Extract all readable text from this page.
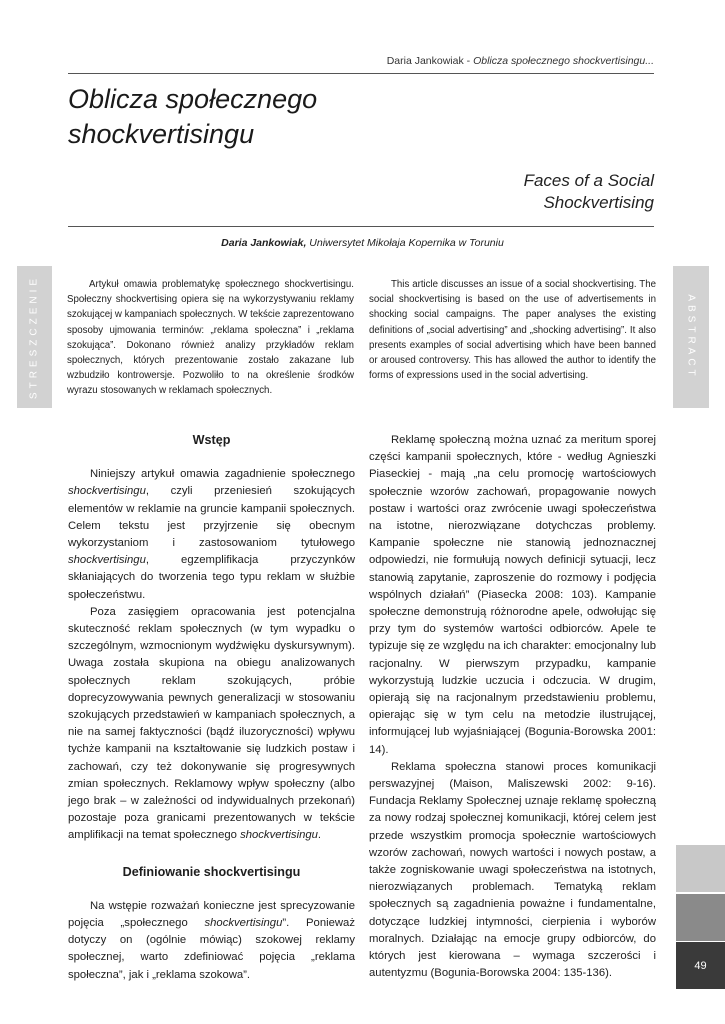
Daria Jankowiak - Oblicza społecznego shockvertisingu...
Oblicza społecznego
shockvertisingu
Faces of a Social
Shockvertising
Daria Jankowiak, Uniwersytet Mikołaja Kopernika w Toruniu
STRESZCZENIE	ABSTRACT

Artykuł omawia problematykę społecznego shockvertisingu. Społeczny shockvertising opiera się na wykorzystywaniu reklamy szokującej w kampaniach społecznych. W tekście zaprezentowano sposoby ujmowania terminów: „reklama społeczna” i „reklama szokująca”. Dokonano również analizy przykładów reklam społecznych, których prezentowanie zostało zakazane lub wzbudziło kontrowersje. Pozwoliło to na określenie środków wyrazu stosowanych w reklamach społecznych.

This article discusses an issue of a social shockvertising. The social shockvertising is based on the use of advertisements in shocking social campaigns. The paper analyses the existing definitions of „social advertising” and „shocking advertising”. It also presents examples of social advertising which have been banned or aroused controversy. This has allowed the author to identify the forms of expressions used in the social advertising.

Wstęp

Niniejszy artykuł omawia zagadnienie społecznego shockvertisingu, czyli przeniesień szokujących elementów w reklamie na gruncie kampanii społecznych. Celem tekstu jest przyjrzenie się obecnym wykorzystaniom i zastosowaniom tytułowego shockvertisingu, egzemplifikacja przyczynków skłaniających do tworzenia tego typu reklam w służbie społeczeństwu.

Poza zasięgiem opracowania jest potencjalna skuteczność reklam społecznych (w tym wypadku o szczególnym, wzmocnionym wydźwięku dyskursywnym). Uwaga została skupiona na obiegu analizowanych społecznych reklam szokujących, próbie doprecyzowywania pewnych generalizacji w stosowaniu szokujących przedstawień w kampaniach społecznych, a nie na samej faktyczności (bądź iluzoryczności) wpływu tychże kampanii na kształtowanie się ludzkich postaw i zachowań, czy też dokonywanie się progresywnych zmian społecznych. Reklamowy wpływ społeczny (albo jego brak – w zależności od indywidualnych przekonań) pozostaje poza granicami prezentowanych w tekście amplifikacji na temat społecznego shockvertisingu.

Definiowanie shockvertisingu

Na wstępie rozważań konieczne jest sprecyzowanie pojęcia „społecznego shockvertisingu”. Ponieważ dotyczy on (ogólnie mówiąc) szokowej reklamy społecznej, warto zdefiniować pojęcia „reklama społeczna”, jak i „reklama szokowa”.

Reklamę społeczną można uznać za meritum sporej części kampanii społecznych, które - według Agnieszki Piaseckiej - mają „na celu promocję wartościowych społecznie wzorów zachowań, propagowanie nowych postaw i wartości oraz zwrócenie uwagi społeczeństwa na istotne, nierozwiązane dotychczas problemy. Kampanie społeczne nie stanowią jednoznacznej odpowiedzi, nie formułują nowych definicji sytuacji, lecz stanowią zapytanie, zaproszenie do rozmowy i podjęcia wspólnych działań” (Piasecka 2008: 103). Kampanie społeczne demonstrują różnorodne apele, odwołując się przy tym do systemów wartości odbiorców. Apele te typizuje się ze względu na ich charakter: emocjonalny lub racjonalny. W pierwszym przypadku, kampanie wykorzystują ludzkie uczucia i odczucia. W drugim, opierają się na racjonalnym przedstawieniu problemu, opierając się w tym celu na metodzie ilustrującej, informującej lub wyjaśniającej (Bogunia-Borowska 2001: 14).

Reklama społeczna stanowi proces komunikacji perswazyjnej (Maison, Maliszewski 2002: 9-16). Fundacja Reklamy Społecznej uznaje reklamę społeczną za nowy rodzaj społecznej komunikacji, której celem jest przede wszystkim promocja społecznie wartościowych wzorów zachowań, nowych wartości i nowych postaw, a także zogniskowanie uwagi społeczeństwa na istotnych, nierozwiązanych problemach. Tematyką reklam społecznych są zagadnienia poważne i fundamentalne, dotyczące ludzkiej intymności, cierpienia i wyborów moralnych. Działając na emocje grupy odbiorców, do których jest kierowana – wymaga szczerości i autentyzmu (Bogunia-Borowska 2004: 135-136).

49
